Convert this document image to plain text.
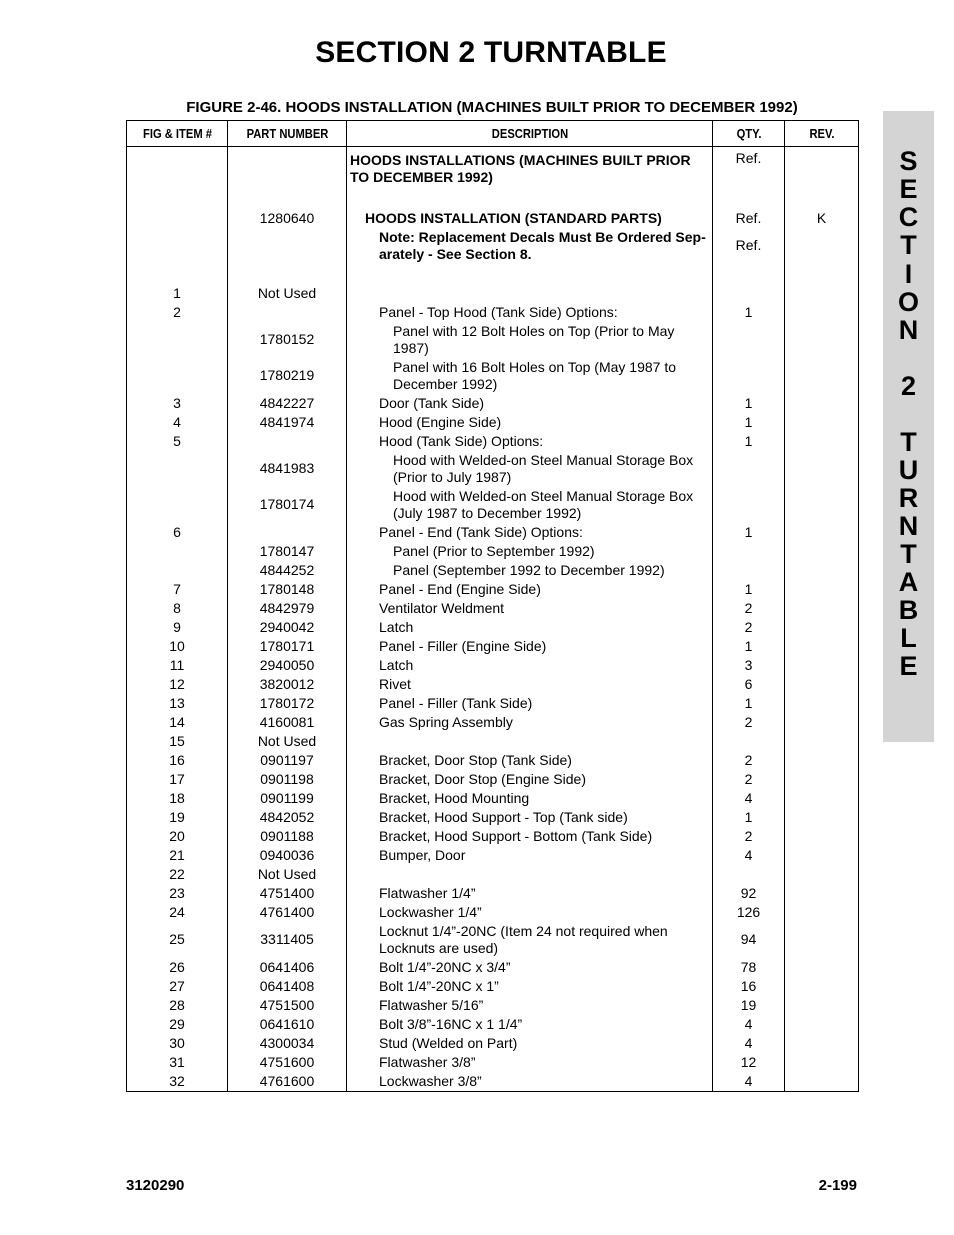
SECTION 2 TURNTABLE
FIGURE 2-46. HOODS INSTALLATION (MACHINES BUILT PRIOR TO DECEMBER 1992)
FIG & ITEM #	PART NUMBER	DESCRIPTION	QTY.	REV.
		HOODS INSTALLATIONS (MACHINES BUILT PRIOR TO DECEMBER 1992)	Ref.	

	1280640	HOODS INSTALLATION (STANDARD PARTS)	Ref.	K
		Note: Replacement Decals Must Be Ordered Sep-arately - See Section 8.	Ref.	

1	Not Used			
2		Panel - Top Hood (Tank Side) Options:	1	
	1780152	Panel with 12 Bolt Holes on Top (Prior to May 1987)		
	1780219	Panel with 16 Bolt Holes on Top (May 1987 to December 1992)		
3	4842227	Door (Tank Side)	1	
4	4841974	Hood (Engine Side)	1	
5		Hood (Tank Side) Options:	1	
	4841983	Hood with Welded-on Steel Manual Storage Box (Prior to July 1987)		
	1780174	Hood with Welded-on Steel Manual Storage Box (July 1987 to December 1992)		
6		Panel - End (Tank Side) Options:	1	
	1780147	Panel (Prior to September 1992)		
	4844252	Panel (September 1992 to December 1992)		
7	1780148	Panel - End (Engine Side)	1	
8	4842979	Ventilator Weldment	2	
9	2940042	Latch	2	
10	1780171	Panel - Filler (Engine Side)	1	
11	2940050	Latch	3	
12	3820012	Rivet	6	
13	1780172	Panel - Filler (Tank Side)	1	
14	4160081	Gas Spring Assembly	2	
15	Not Used			
16	0901197	Bracket, Door Stop (Tank Side)	2	
17	0901198	Bracket, Door Stop (Engine Side)	2	
18	0901199	Bracket, Hood Mounting	4	
19	4842052	Bracket, Hood Support - Top (Tank side)	1	
20	0901188	Bracket, Hood Support - Bottom (Tank Side)	2	
21	0940036	Bumper, Door	4	
22	Not Used			
23	4751400	Flatwasher 1/4”	92	
24	4761400	Lockwasher 1/4”	126	
25	3311405	Locknut 1/4”-20NC (Item 24 not required when Locknuts are used)	94	
26	0641406	Bolt 1/4”-20NC x 3/4”	78	
27	0641408	Bolt 1/4”-20NC x 1”	16	
28	4751500	Flatwasher 5/16”	19	
29	0641610	Bolt 3/8”-16NC x 1 1/4”	4	
30	4300034	Stud (Welded on Part)	4	
31	4751600	Flatwasher 3/8”	12	
32	4761600	Lockwasher 3/8”	4	
S
E
C
T
I
O
N
2
T
U
R
N
T
A
B
L
E
3120290	2-199
